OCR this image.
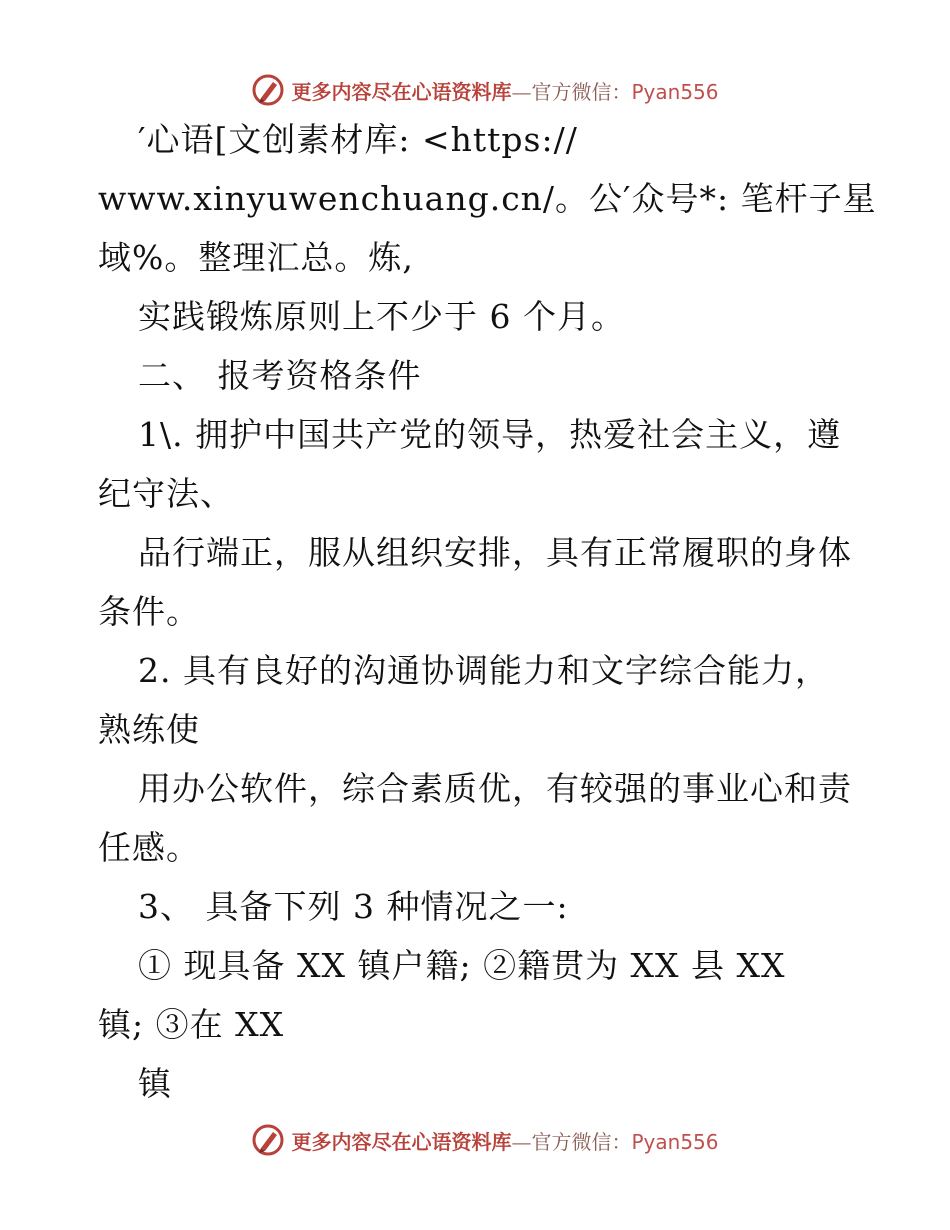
更多内容尽在心语资料库—官方微信：Pyan556
′心语[文创素材库: <https://
www.xinyuwenchuang.cn/。公′众号*: 笔杆子星
域%。整理汇总。炼,
实践锻炼原则上不少于 6 个月。
二、 报考资格条件
1\. 拥护中国共产党的领导，热爱社会主义，遵
纪守法、
品行端正，服从组织安排，具有正常履职的身体
条件。
2. 具有良好的沟通协调能力和文字综合能力，
熟练使
用办公软件，综合素质优，有较强的事业心和责
任感。
3、 具备下列 3 种情况之一:
① 现具备 XX 镇户籍; ②籍贯为 XX 县 XX
镇; ③在 XX
镇
更多内容尽在心语资料库—官方微信：Pyan556
